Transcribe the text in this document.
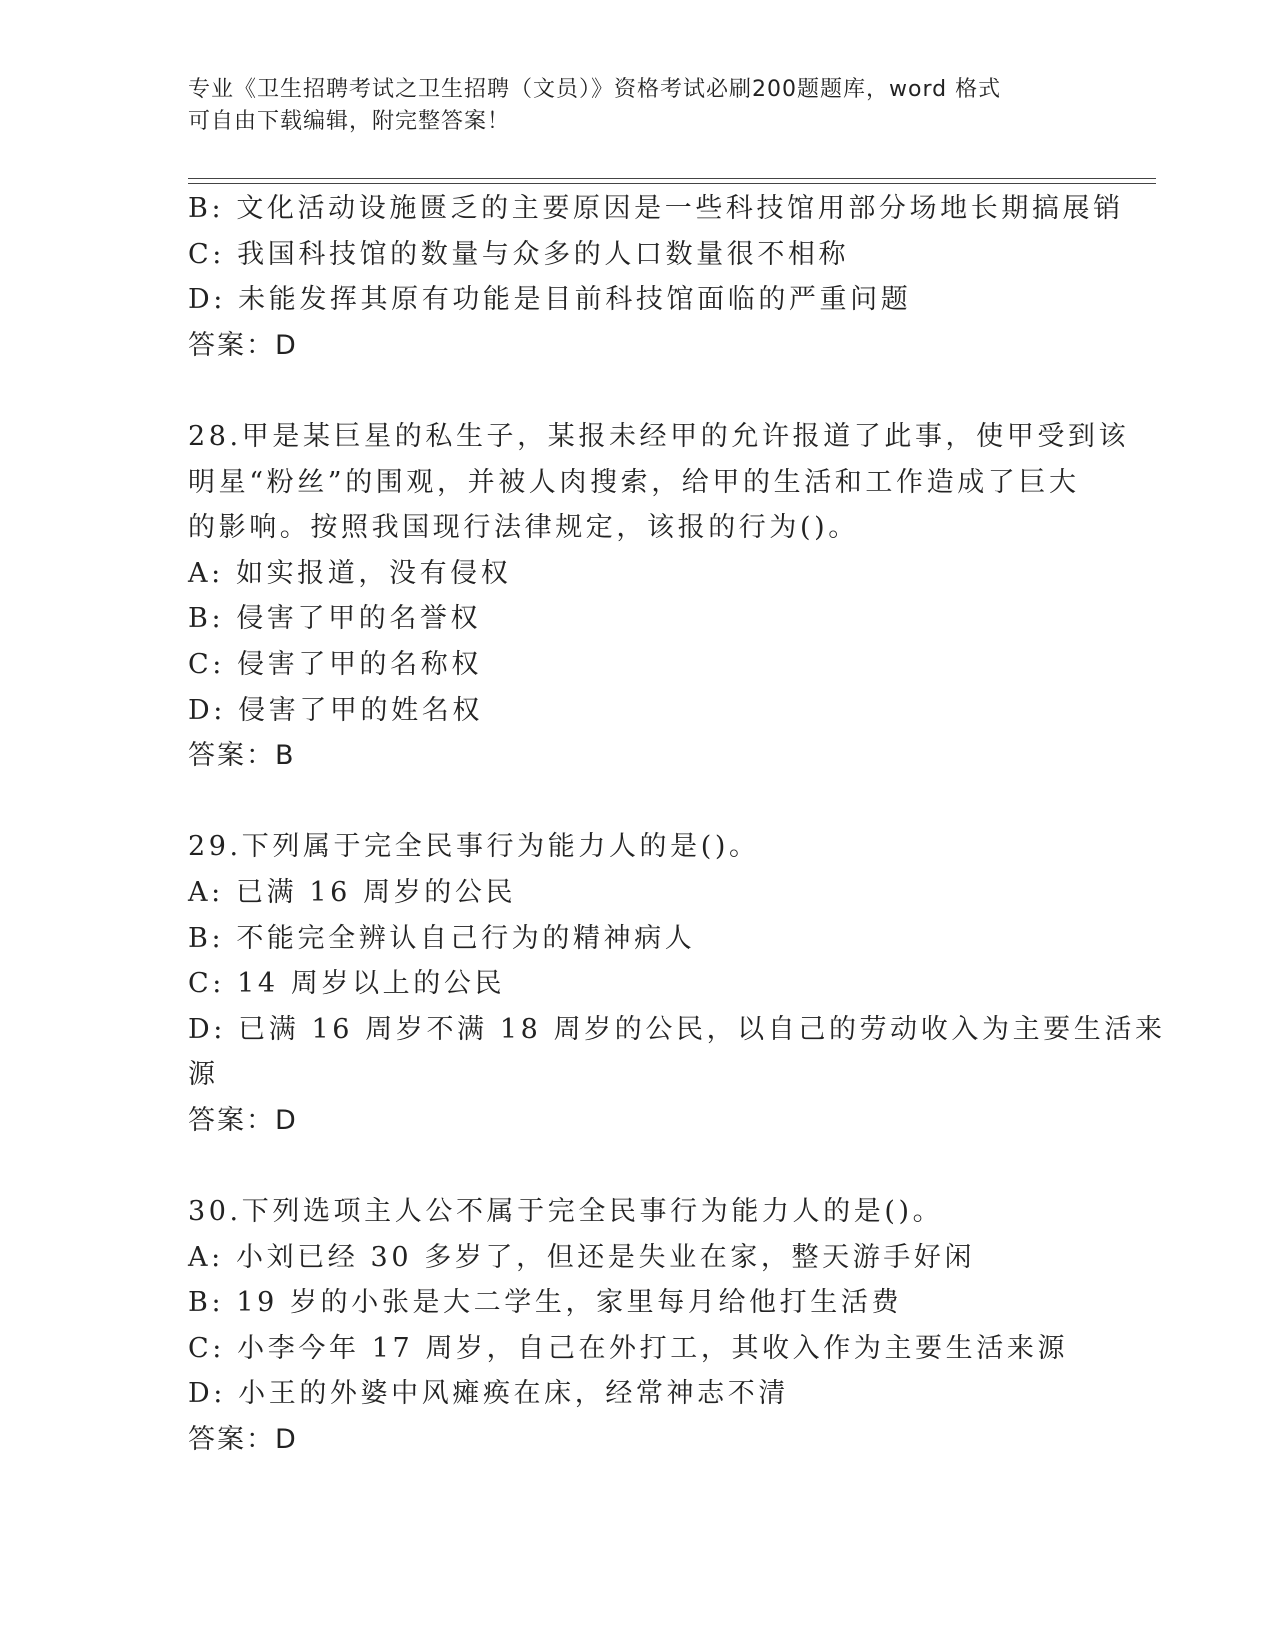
专业《卫生招聘考试之卫生招聘（文员）》资格考试必刷200题题库，word 格式
可自由下载编辑，附完整答案！
B: 文化活动设施匮乏的主要原因是一些科技馆用部分场地长期搞展销
C: 我国科技馆的数量与众多的人口数量很不相称
D: 未能发挥其原有功能是目前科技馆面临的严重问题
答案：D
28.甲是某巨星的私生子，某报未经甲的允许报道了此事，使甲受到该
明星“粉丝”的围观，并被人肉搜索，给甲的生活和工作造成了巨大
的影响。按照我国现行法律规定，该报的行为()。
A: 如实报道，没有侵权
B: 侵害了甲的名誉权
C: 侵害了甲的名称权
D: 侵害了甲的姓名权
答案：B
29.下列属于完全民事行为能力人的是()。
A: 已满 16 周岁的公民
B: 不能完全辨认自己行为的精神病人
C: 14 周岁以上的公民
D: 已满 16 周岁不满 18 周岁的公民，以自己的劳动收入为主要生活来
源
答案：D
30.下列选项主人公不属于完全民事行为能力人的是()。
A: 小刘已经 30 多岁了，但还是失业在家，整天游手好闲
B: 19 岁的小张是大二学生，家里每月给他打生活费
C: 小李今年 17 周岁，自己在外打工，其收入作为主要生活来源
D: 小王的外婆中风瘫痪在床，经常神志不清
答案：D
